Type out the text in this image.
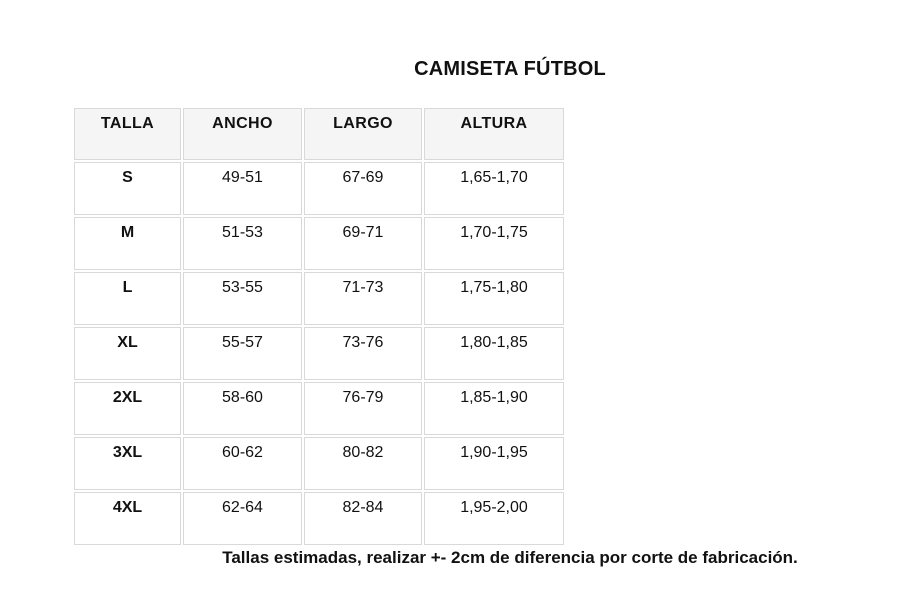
CAMISETA FÚTBOL
TALLA	ANCHO	LARGO	ALTURA
S	49-51	67-69	1,65-1,70
M	51-53	69-71	1,70-1,75
L	53-55	71-73	1,75-1,80
XL	55-57	73-76	1,80-1,85
2XL	58-60	76-79	1,85-1,90
3XL	60-62	80-82	1,90-1,95
4XL	62-64	82-84	1,95-2,00
Tallas estimadas, realizar +- 2cm de diferencia por corte de fabricación.
